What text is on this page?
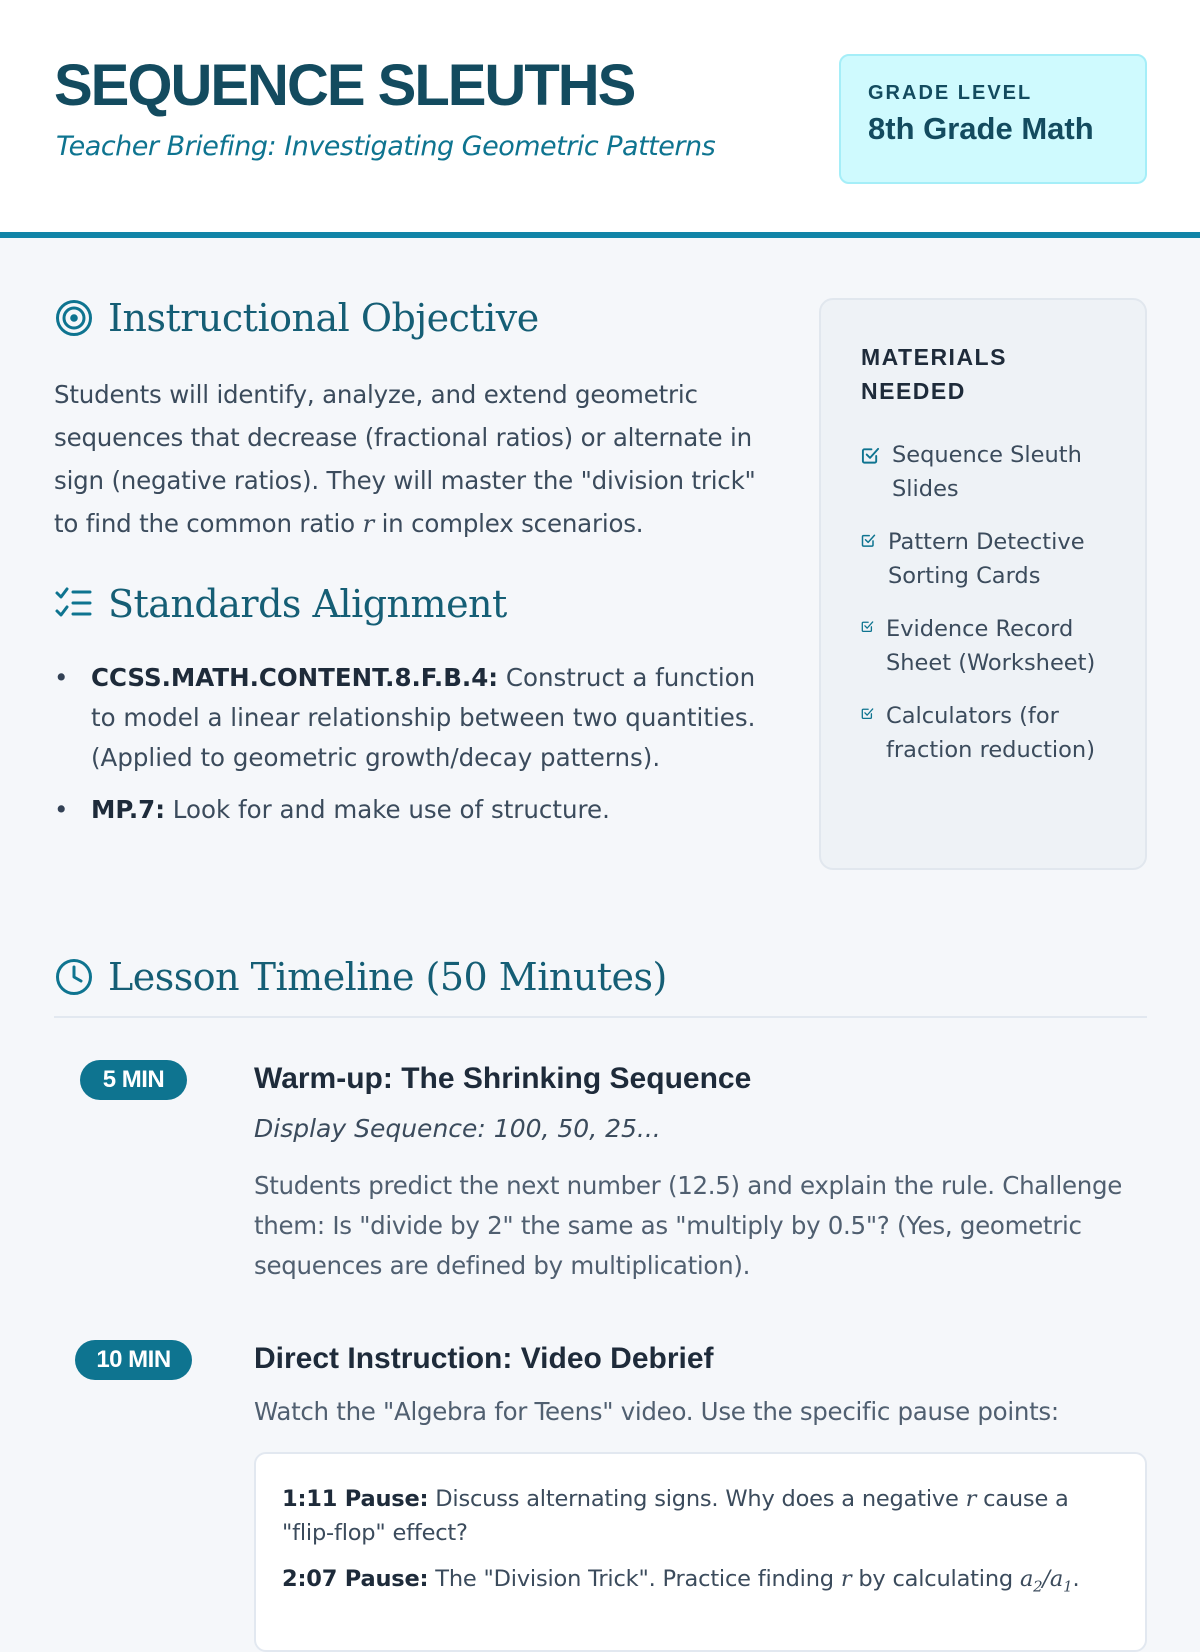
SEQUENCE SLEUTHS

Teacher Briefing: Investigating Geometric Patterns

GRADE LEVEL
8th Grade Math
Instructional Objective

Students will identify, analyze, and extend geometric sequences that decrease (fractional ratios) or alternate in sign (negative ratios). They will master the "division trick" to find the common ratio r in complex scenarios.

Standards Alignment
• CCSS.MATH.CONTENT.8.F.B.4: Construct a function to model a linear relationship between two quantities. (Applied to geometric growth/decay patterns).
• MP.7: Look for and make use of structure.
MATERIALS NEEDED
Sequence Sleuth Slides
Pattern Detective Sorting Cards
Evidence Record Sheet (Worksheet)
Calculators (for fraction reduction)
Lesson Timeline (50 Minutes)
5 MIN	Warm-up: The Shrinking Sequence

Display Sequence: 100, 50, 25...

Students predict the next number (12.5) and explain the rule. Challenge them: Is "divide by 2" the same as "multiply by 0.5"? (Yes, geometric sequences are defined by multiplication).

10 MIN	Direct Instruction: Video Debrief

Watch the "Algebra for Teens" video. Use the specific pause points:

1:11 Pause: Discuss alternating signs. Why does a negative r cause a "flip-flop" effect?
2:07 Pause: The "Division Trick". Practice finding r by calculating $a_2/a_1$.
